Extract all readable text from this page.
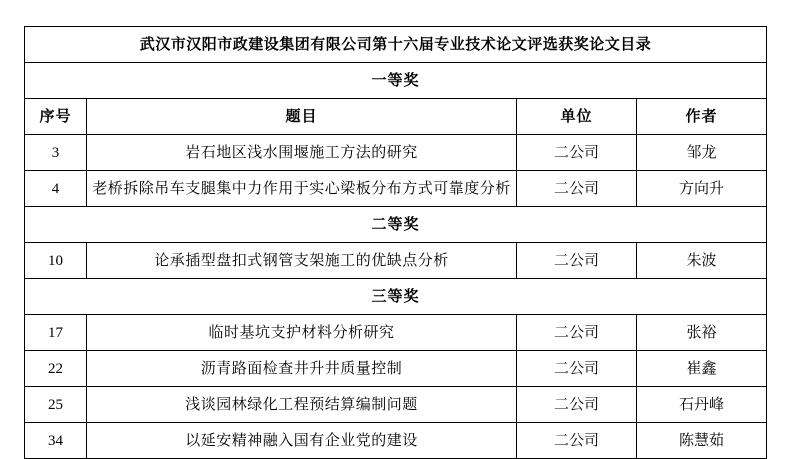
武汉市汉阳市政建设集团有限公司第十六届专业技术论文评选获奖论文目录			
一等奖			
序号	题目	单位	作者
3	岩石地区浅水围堰施工方法的研究	二公司	邹龙
4	老桥拆除吊车支腿集中力作用于实心梁板分布方式可靠度分析	二公司	方向升
二等奖			
10	论承插型盘扣式钢管支架施工的优缺点分析	二公司	朱波
三等奖			
17	临时基坑支护材料分析研究	二公司	张裕
22	沥青路面检查井升井质量控制	二公司	崔鑫
25	浅谈园林绿化工程预结算编制问题	二公司	石丹峰
34	以延安精神融入国有企业党的建设	二公司	陈慧茹
